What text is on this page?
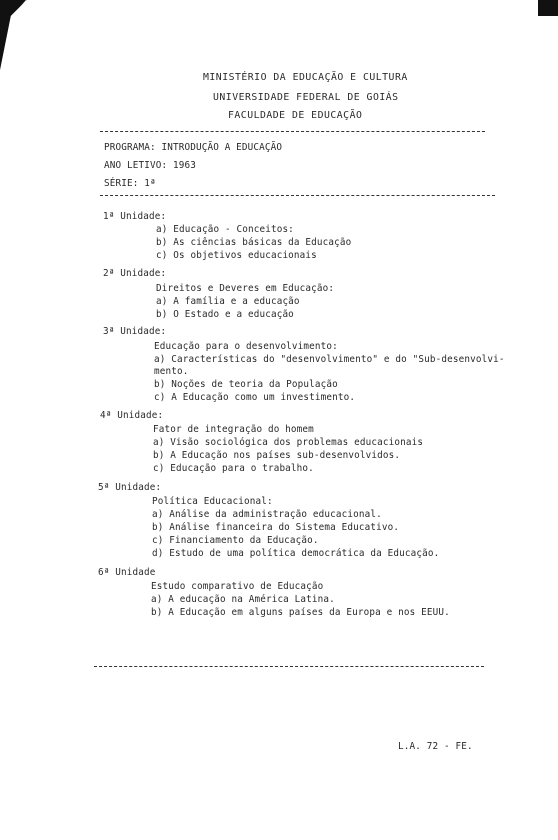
MINISTÉRIO DA EDUCAÇÃO E CULTURA
UNIVERSIDADE FEDERAL DE GOIÁS
FACULDADE DE EDUCAÇÃO
PROGRAMA: INTRODUÇÃO A EDUCAÇÃO
ANO LETIVO: 1963
SÉRIE: 1ª
1ª Unidade:
a) Educação - Conceitos:
b) As ciências básicas da Educação
c) Os objetivos educacionais
2ª Unidade:
Direitos e Deveres em Educação:
a) A família e a educação
b) O Estado e a educação
3ª Unidade:
Educação para o desenvolvimento:
a) Características do "desenvolvimento" e do "Sub-desenvolvi-
mento.
b) Noções de teoria da População
c) A Educação como um investimento.
4ª Unidade:
Fator de integração do homem
a) Visão sociológica dos problemas educacionais
b) A Educação nos países sub-desenvolvidos.
c) Educação para o trabalho.
5ª Unidade:
Política Educacional:
a) Análise da administração educacional.
b) Análise financeira do Sistema Educativo.
c) Financiamento da Educação.
d) Estudo de uma política democrática da Educação.
6ª Unidade
Estudo comparativo de Educação
a) A educação na América Latina.
b) A Educação em alguns países da Europa e nos EEUU.
L.A. 72 - FE.
